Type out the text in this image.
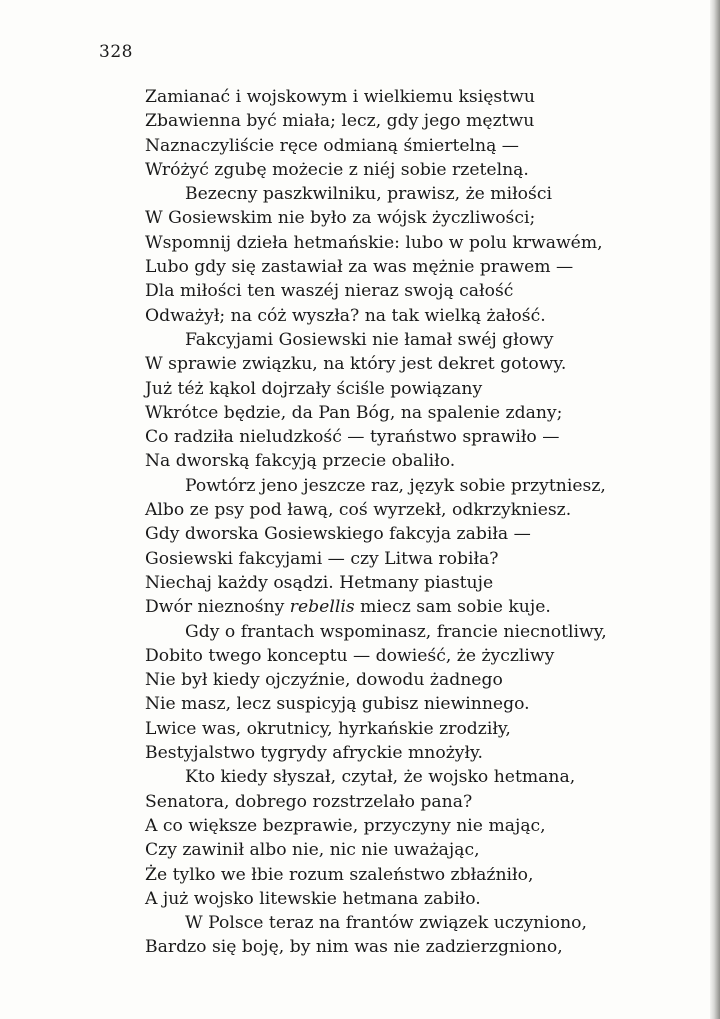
328
Zamianać i wojskowym i wielkiemu księstwu
Zbawienna być miała; lecz, gdy jego męztwu
Naznaczyliście ręce odmianą śmiertelną —
Wróżyć zgubę możecie z niéj sobie rzetelną.
Bezecny paszkwilniku, prawisz, że miłości
W Gosiewskim nie było za wójsk życzliwości;
Wspomnij dzieła hetmańskie: lubo w polu krwawém,
Lubo gdy się zastawiał za was mężnie prawem —
Dla miłości ten waszéj nieraz swoją całość
Odważył; na cóż wyszła? na tak wielką żałość.
Fakcyjami Gosiewski nie łamał swéj głowy
W sprawie związku, na który jest dekret gotowy.
Już téż kąkol dojrzały ściśle powiązany
Wkrótce będzie, da Pan Bóg, na spalenie zdany;
Co radziła nieludzkość — tyraństwo sprawiło —
Na dworską fakcyją przecie obaliło.
Powtórz jeno jeszcze raz, język sobie przytniesz,
Albo ze psy pod ławą, coś wyrzekł, odkrzykniesz.
Gdy dworska Gosiewskiego fakcyja zabiła —
Gosiewski fakcyjami — czy Litwa robiła?
Niechaj każdy osądzi. Hetmany piastuje
Dwór nieznośny rebellis miecz sam sobie kuje.
Gdy o frantach wspominasz, francie niecnotliwy,
Dobito twego konceptu — dowieść, że życzliwy
Nie był kiedy ojczyźnie, dowodu żadnego
Nie masz, lecz suspicyją gubisz niewinnego.
Lwice was, okrutnicy, hyrkańskie zrodziły,
Bestyjalstwo tygrydy afryckie mnożyły.
Kto kiedy słyszał, czytał, że wojsko hetmana,
Senatora, dobrego rozstrzelało pana?
A co większe bezprawie, przyczyny nie mając,
Czy zawinił albo nie, nic nie uważając,
Że tylko we łbie rozum szaleństwo zbłaźniło,
A już wojsko litewskie hetmana zabiło.
W Polsce teraz na frantów związek uczyniono,
Bardzo się boję, by nim was nie zadzierzgniono,
